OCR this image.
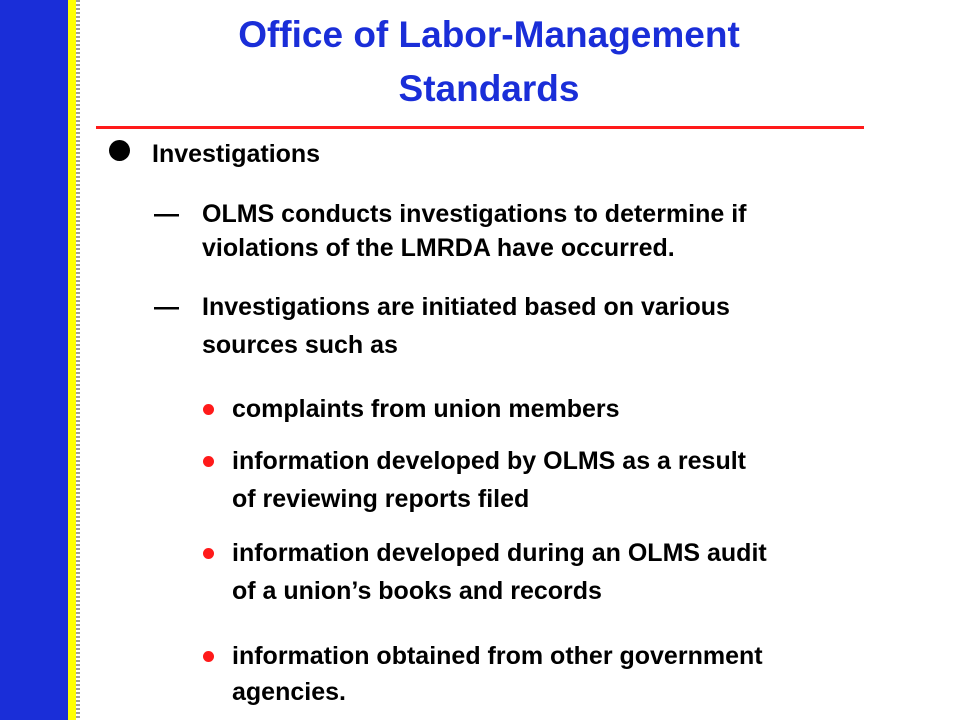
Office of Labor-Management
Standards

Investigations

— OLMS conducts investigations to determine if

violations of the LMRDA have occurred.

— Investigations are initiated based on various

sources such as

complaints from union members

information developed by OLMS as a result

of reviewing reports filed

information developed during an OLMS audit

of a union’s books and records

information obtained from other government

agencies.
